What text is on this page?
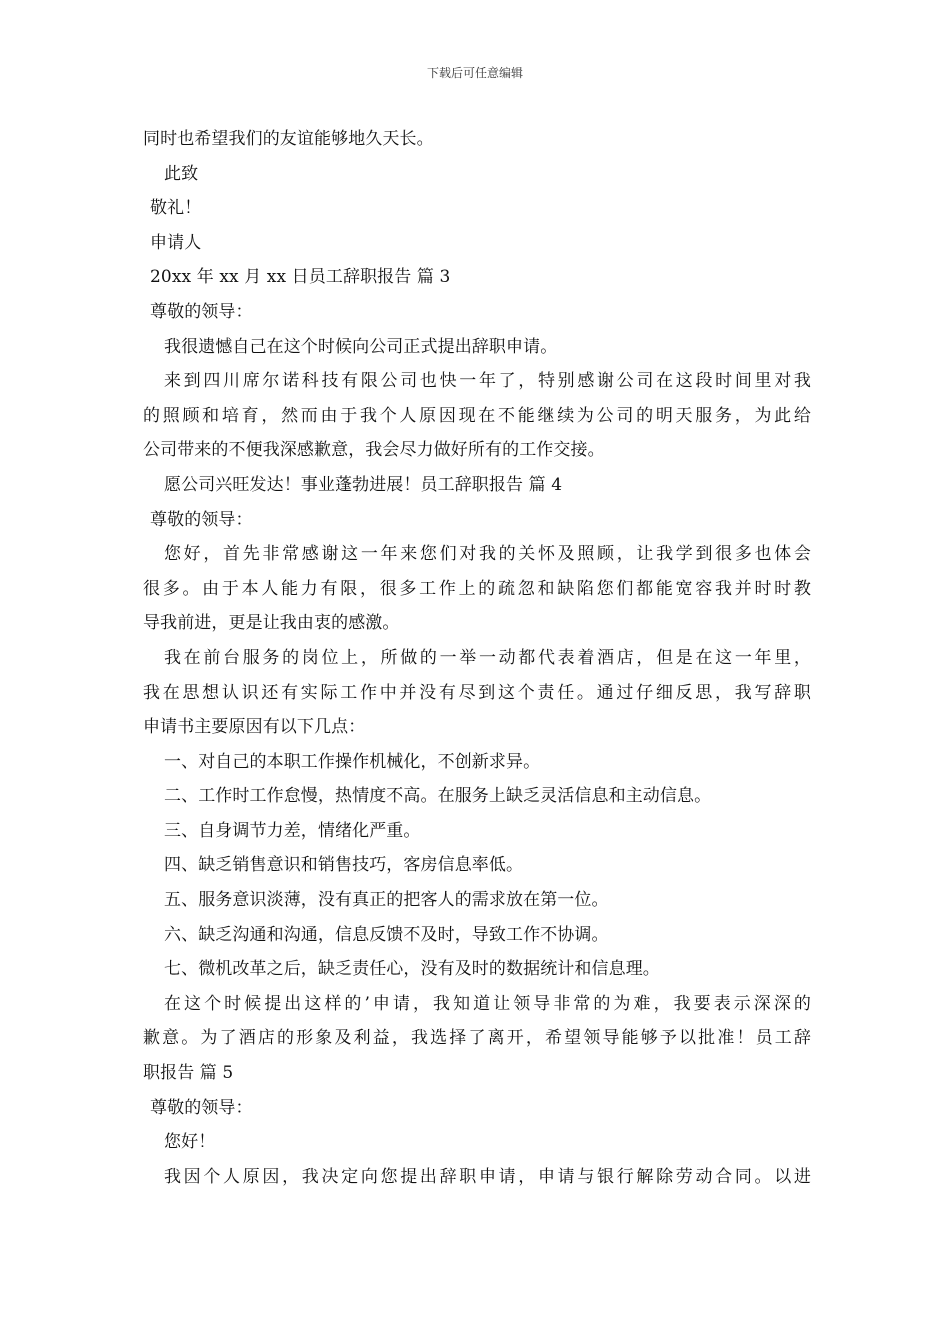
下载后可任意编辑
同时也希望我们的友谊能够地久天长。
此致
敬礼！
申请人
20xx 年 xx 月 xx 日员工辞职报告 篇 3
尊敬的领导：
我很遗憾自己在这个时候向公司正式提出辞职申请。
来到四川席尔诺科技有限公司也快一年了，特别感谢公司在这段时间里对我
的照顾和培育，然而由于我个人原因现在不能继续为公司的明天服务，为此给
公司带来的不便我深感歉意，我会尽力做好所有的工作交接。
愿公司兴旺发达！事业蓬勃进展！员工辞职报告 篇 4
尊敬的领导：
您好，首先非常感谢这一年来您们对我的关怀及照顾，让我学到很多也体会
很多。由于本人能力有限，很多工作上的疏忽和缺陷您们都能宽容我并时时教
导我前进，更是让我由衷的感激。
我在前台服务的岗位上，所做的一举一动都代表着酒店，但是在这一年里，
我在思想认识还有实际工作中并没有尽到这个责任。通过仔细反思，我写辞职
申请书主要原因有以下几点：
一、对自己的本职工作操作机械化，不创新求异。
二、工作时工作怠慢，热情度不高。在服务上缺乏灵活信息和主动信息。
三、自身调节力差，情绪化严重。
四、缺乏销售意识和销售技巧，客房信息率低。
五、服务意识淡薄，没有真正的把客人的需求放在第一位。
六、缺乏沟通和沟通，信息反馈不及时，导致工作不协调。
七、微机改革之后，缺乏责任心，没有及时的数据统计和信息理。
在这个时候提出这样的’申请，我知道让领导非常的为难，我要表示深深的
歉意。为了酒店的形象及利益，我选择了离开，希望领导能够予以批准！员工辞
职报告 篇 5
尊敬的领导：
您好！
我因个人原因，我决定向您提出辞职申请，申请与银行解除劳动合同。以进
